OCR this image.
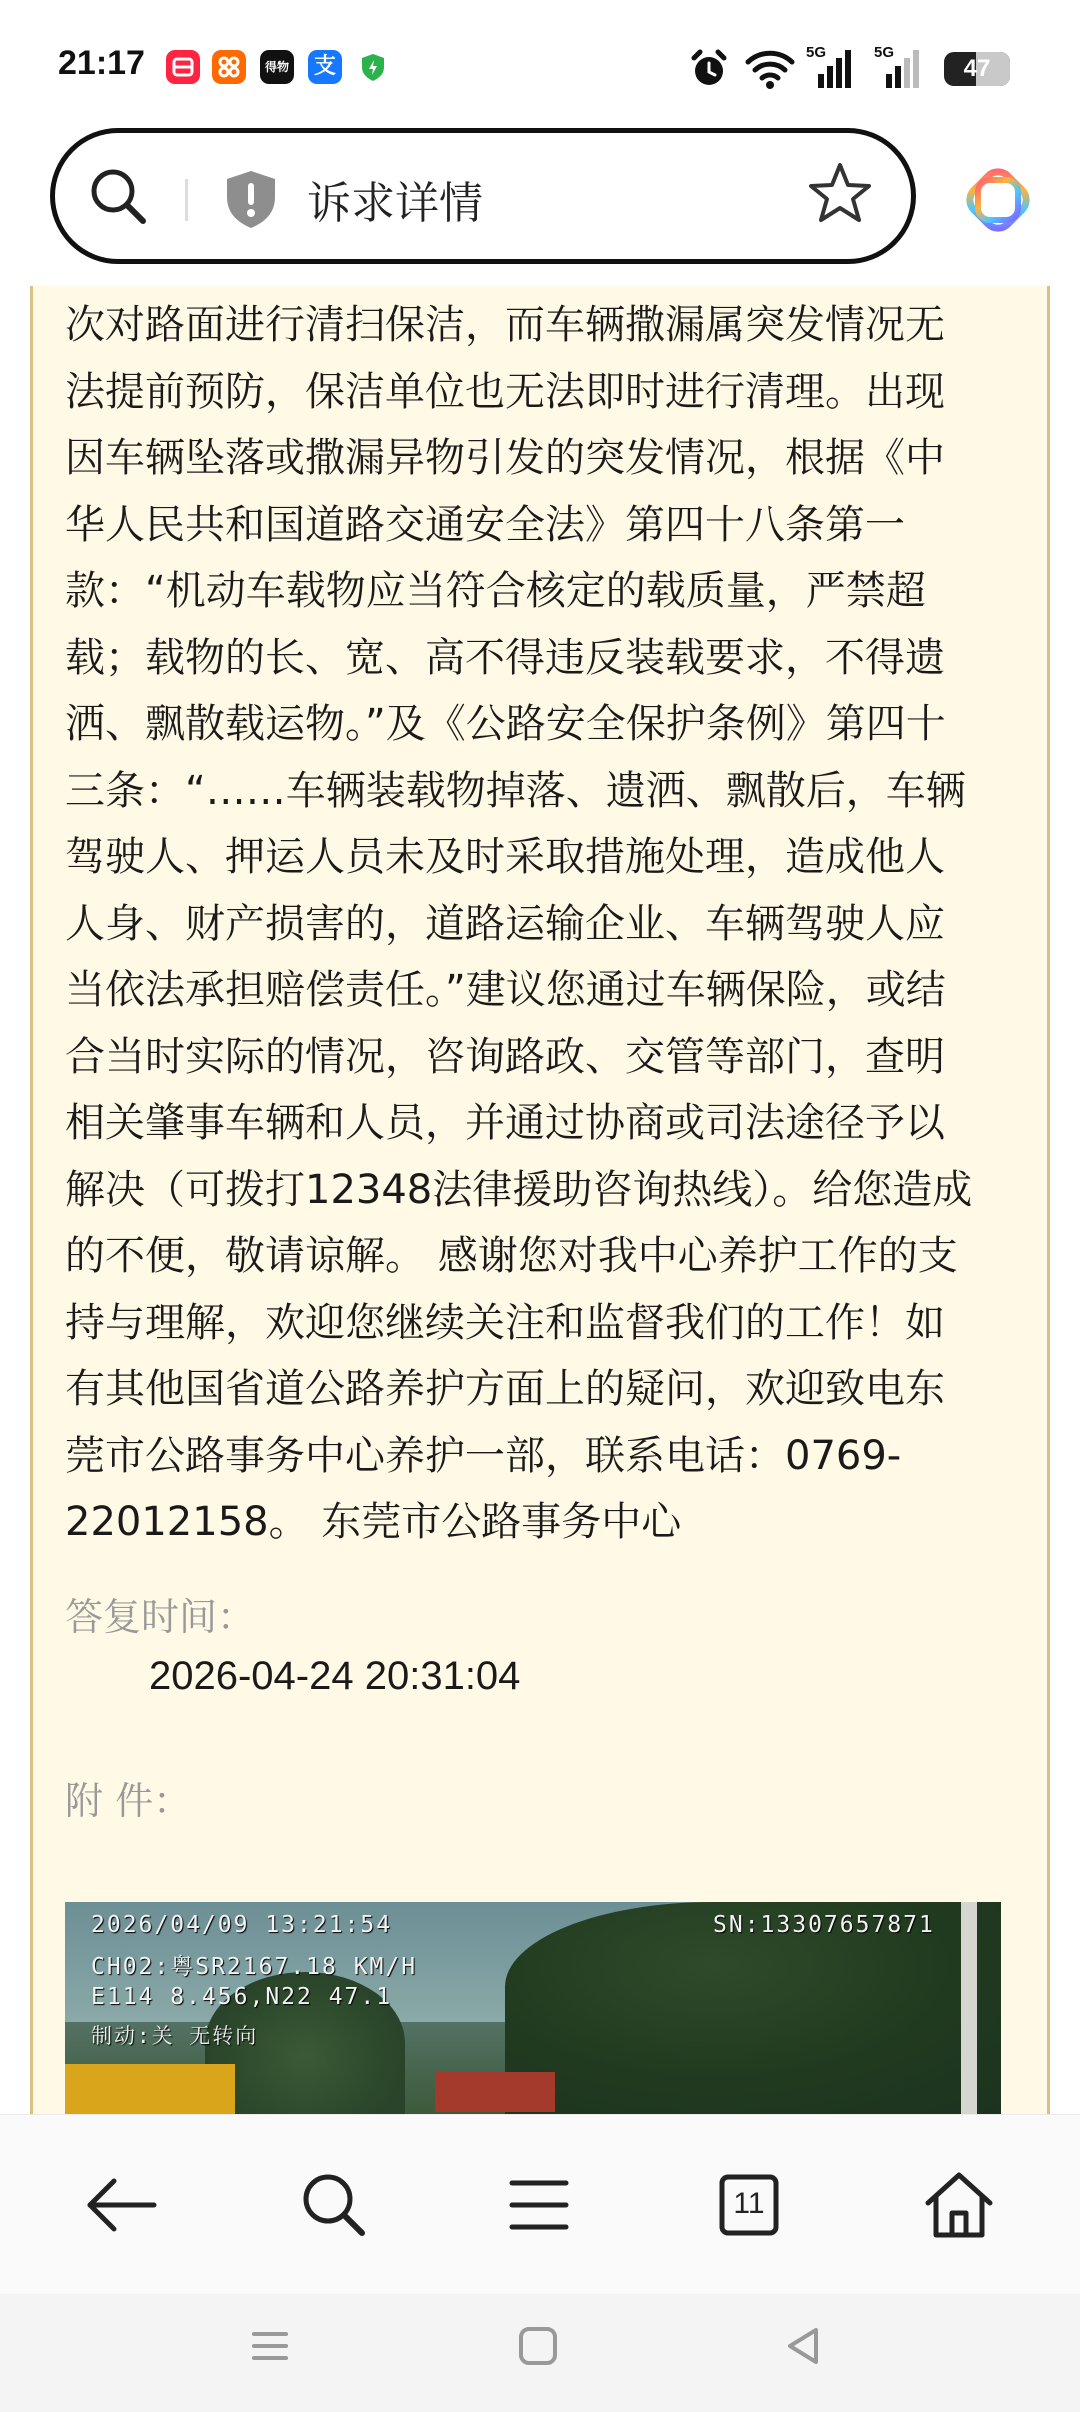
21:17	得物 支
5G	5G
47
诉求详情

次对路面进行清扫保洁，而车辆撒漏属突发情况无
法提前预防，保洁单位也无法即时进行清理。出现
因车辆坠落或撒漏异物引发的突发情况，根据《中
华人民共和国道路交通安全法》第四十八条第一
款：“机动车载物应当符合核定的载质量，严禁超
载；载物的长、宽、高不得违反装载要求，不得遗
洒、飘散载运物。”及《公路安全保护条例》第四十
三条：“……车辆装载物掉落、遗洒、飘散后，车辆
驾驶人、押运人员未及时采取措施处理，造成他人
人身、财产损害的，道路运输企业、车辆驾驶人应
当依法承担赔偿责任。”建议您通过车辆保险，或结
合当时实际的情况，咨询路政、交管等部门，查明
相关肇事车辆和人员，并通过协商或司法途径予以
解决（可拨打12348法律援助咨询热线）。给您造成
的不便，敬请谅解。 感谢您对我中心养护工作的支
持与理解，欢迎您继续关注和监督我们的工作！如
有其他国省道公路养护方面上的疑问，欢迎致电东
莞市公路事务中心养护一部，联系电话：0769-
22012158。 东莞市公路事务中心

答复时间：
2026-04-24 20:31:04
附 件：
2026/04/09 13:21:54
CH02:粤SR2167.18 KM/H
E114 8.456,N22 47.1
制动:关 无转向
SN:13307657871
11
